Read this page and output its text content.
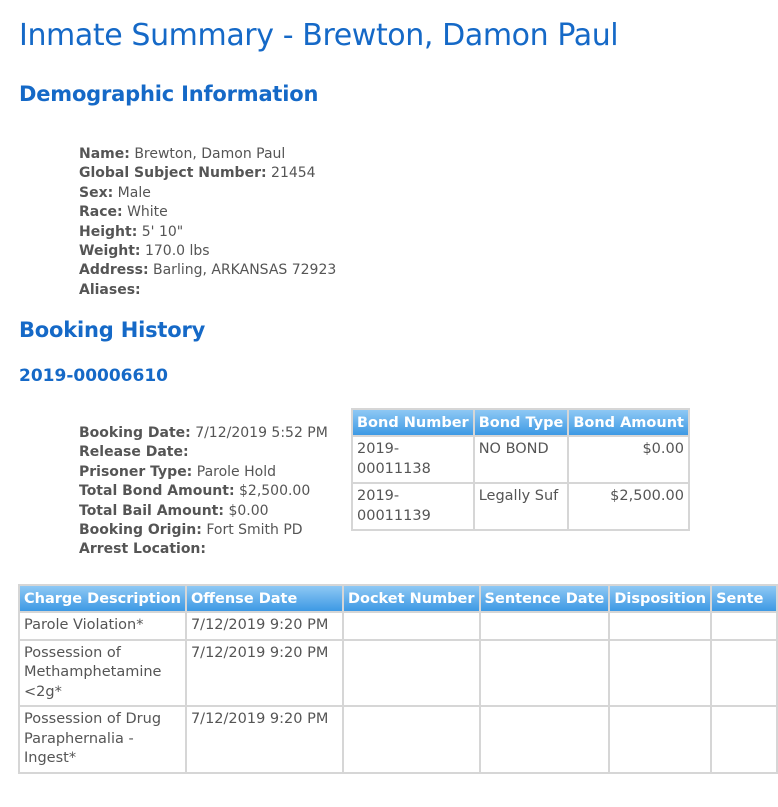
Inmate Summary - Brewton, Damon Paul
Demographic Information
Name: Brewton, Damon Paul
Global Subject Number: 21454
Sex: Male
Race: White
Height: 5' 10"
Weight: 170.0 lbs
Address: Barling, ARKANSAS 72923
Aliases:
Booking History
2019-00006610
Booking Date: 7/12/2019 5:52 PM
Release Date:
Prisoner Type: Parole Hold
Total Bond Amount: $2,500.00
Total Bail Amount: $0.00
Booking Origin: Fort Smith PD
Arrest Location:
Bond Number	Bond Type	Bond Amount
2019-00011138	NO BOND	$0.00
2019-00011139	Legally Suf	$2,500.00
Charge Description	Offense Date	Docket Number	Sentence Date	Disposition	Sente
Parole Violation*	7/12/2019 9:20 PM				
Possession of Methamphetamine <2g*	7/12/2019 9:20 PM				
Possession of Drug Paraphernalia - Ingest*	7/12/2019 9:20 PM				
